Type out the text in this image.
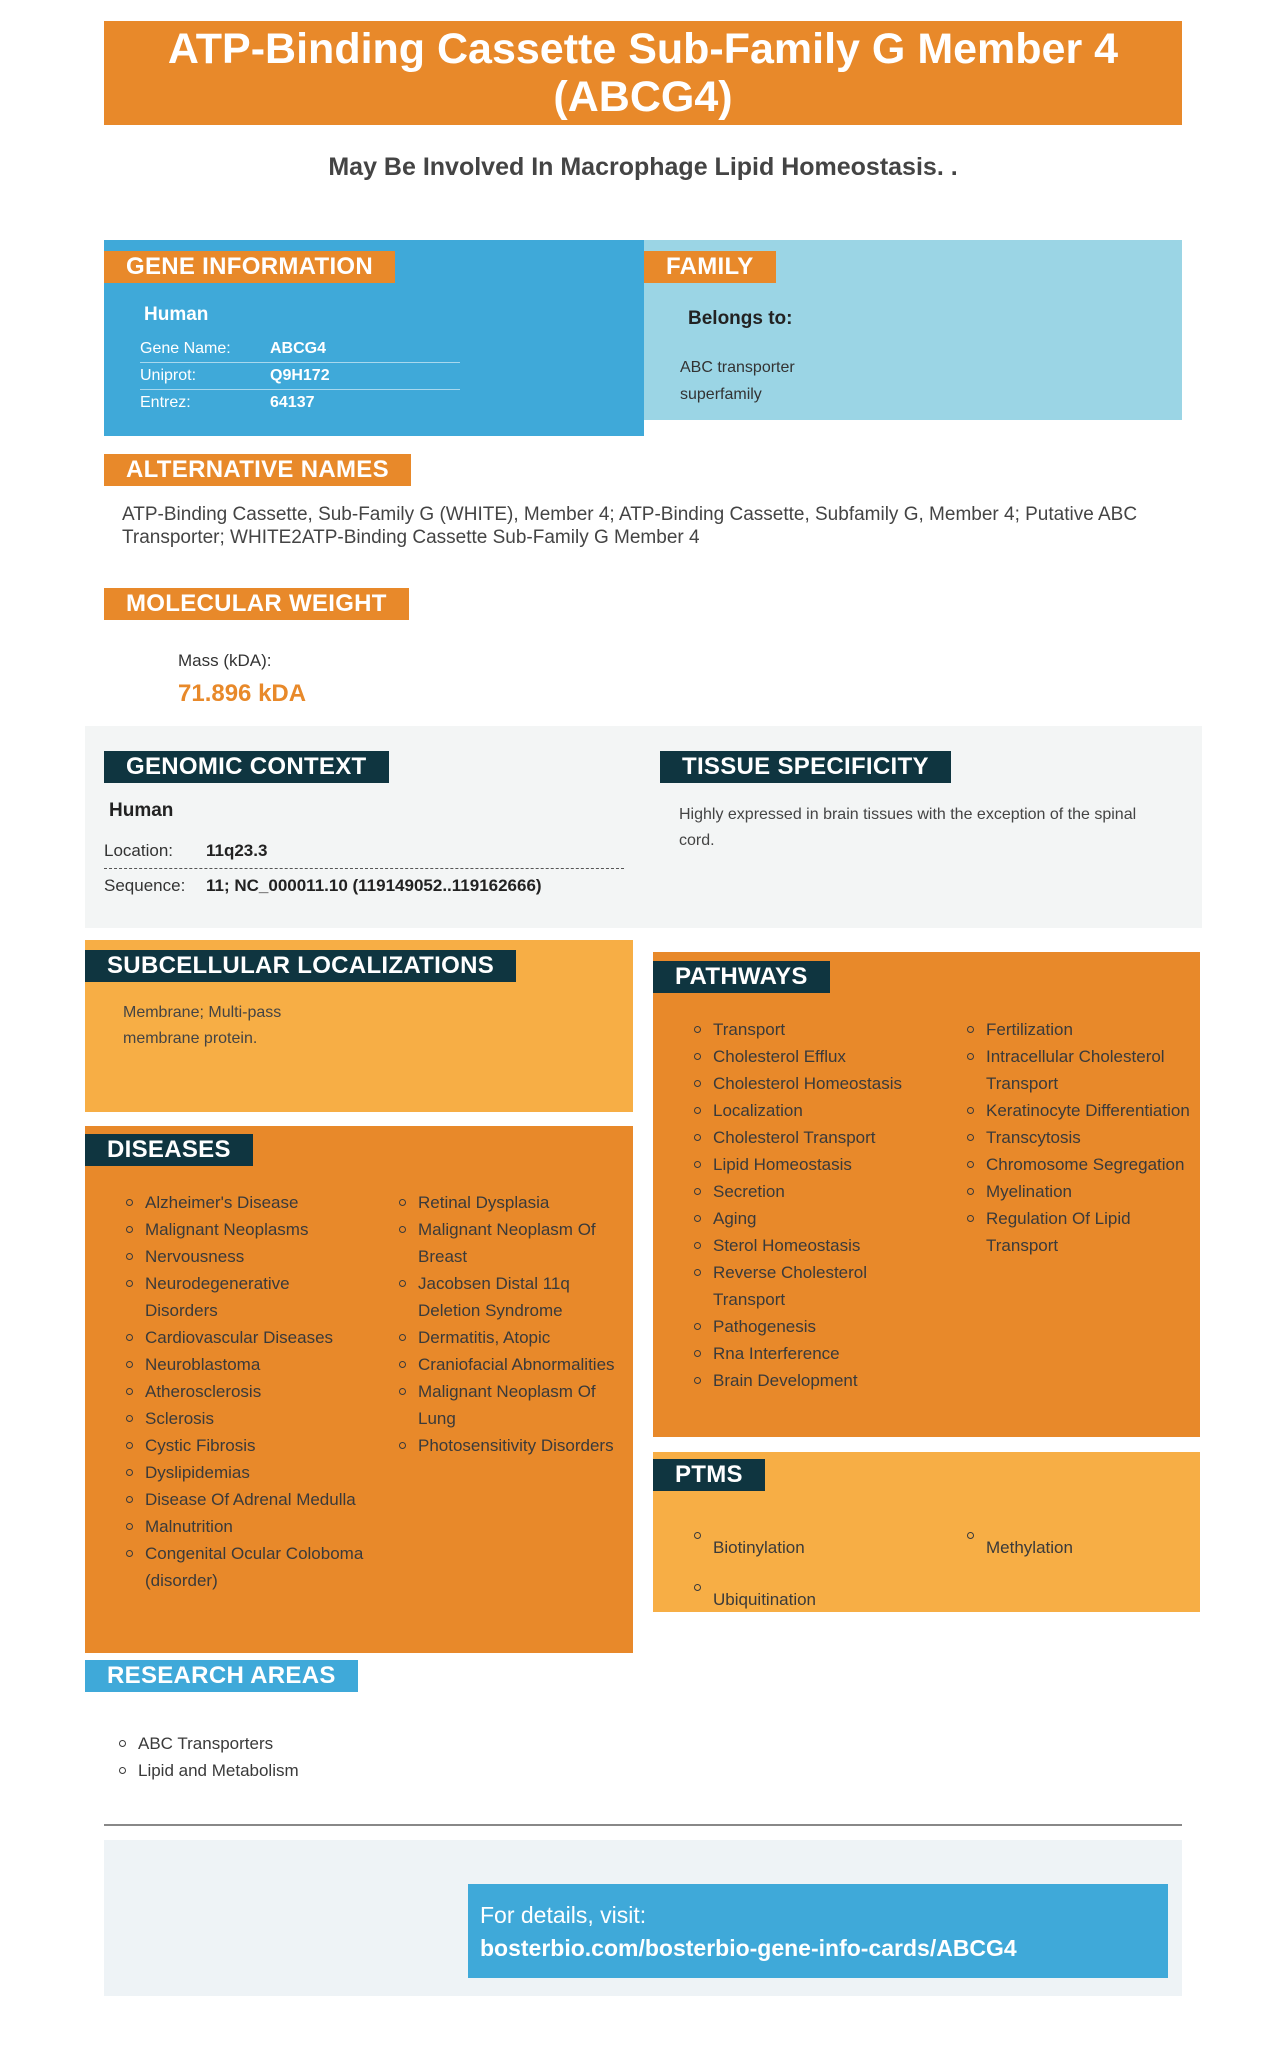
ATP-Binding Cassette Sub-Family G Member 4 (ABCG4)
May Be Involved In Macrophage Lipid Homeostasis. .
Human
Gene Name: ABCG4
Uniprot:	Q9H172
Entrez:	64137
GENE INFORMATION
Belongs to:
ABC transporter superfamily
FAMILY
ALTERNATIVE NAMES
ATP-Binding Cassette, Sub-Family G (WHITE), Member 4; ATP-Binding Cassette, Subfamily G, Member 4; Putative ABC Transporter; WHITE2ATP-Binding Cassette Sub-Family G Member 4
MOLECULAR WEIGHT
Mass (kDA):
71.896 kDA
GENOMIC CONTEXT
Human
Location: 11q23.3
Sequence: 11; NC_000011.10 (119149052..119162666)
TISSUE SPECIFICITY
Highly expressed in brain tissues with the exception of the spinal cord.
Membrane; Multi-pass membrane protein.
SUBCELLULAR LOCALIZATIONS
Alzheimer's Disease
Malignant Neoplasms
Nervousness
Neurodegenerative Disorders
Cardiovascular Diseases
Neuroblastoma
Atherosclerosis
Sclerosis
Cystic Fibrosis
Dyslipidemias
Disease Of Adrenal Medulla
Malnutrition
Congenital Ocular Coloboma (disorder)
Retinal Dysplasia
Malignant Neoplasm Of Breast
Jacobsen Distal 11q Deletion Syndrome
Dermatitis, Atopic
Craniofacial Abnormalities
Malignant Neoplasm Of Lung
Photosensitivity Disorders
DISEASES
Transport
Cholesterol Efflux
Cholesterol Homeostasis
Localization
Cholesterol Transport
Lipid Homeostasis
Secretion
Aging
Sterol Homeostasis
Reverse Cholesterol Transport
Pathogenesis
Rna Interference
Brain Development
Fertilization
Intracellular Cholesterol Transport
Keratinocyte Differentiation
Transcytosis
Chromosome Segregation
Myelination
Regulation Of Lipid Transport
PATHWAYS
Biotinylation
Ubiquitination
Methylation
PTMS
RESEARCH AREAS
ABC Transporters
Lipid and Metabolism
For details, visit:
bosterbio.com/bosterbio-gene-info-cards/ABCG4
